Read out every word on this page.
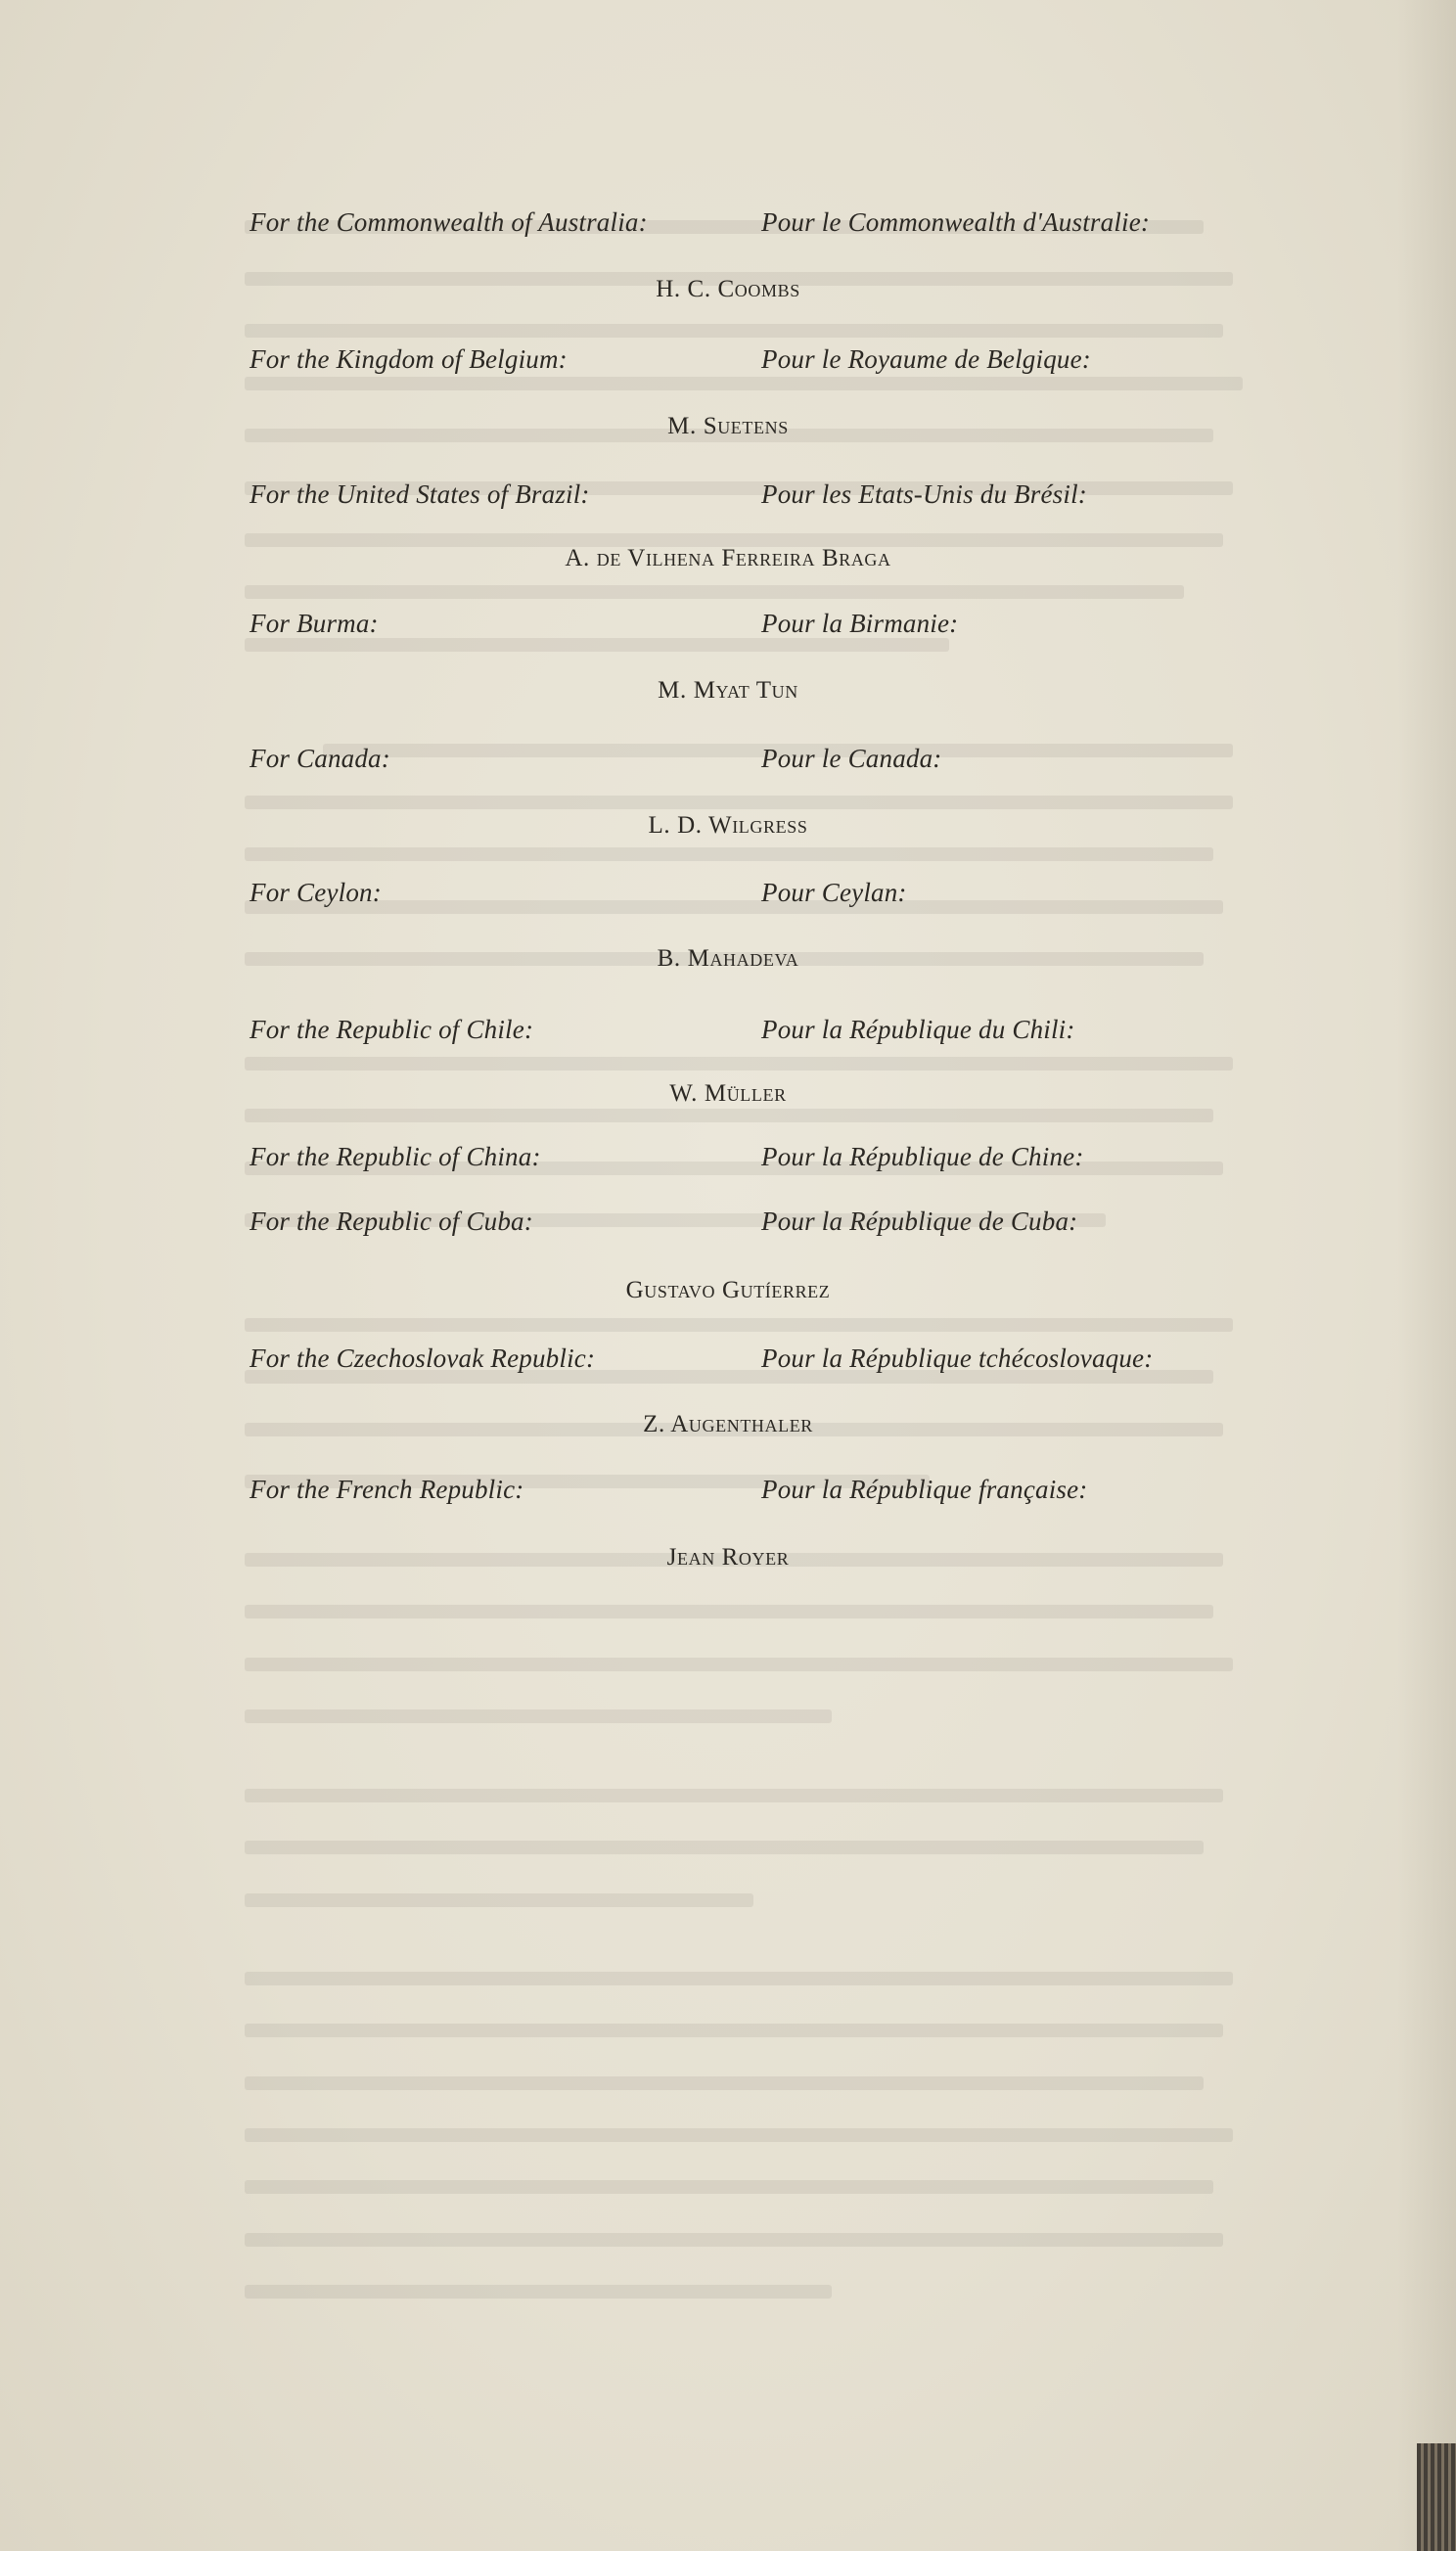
For the Commonwealth of Australia:	Pour le Commonwealth d'Australie:
H. C. Coombs
For the Kingdom of Belgium:	Pour le Royaume de Belgique:
M. Suetens
For the United States of Brazil:	Pour les Etats-Unis du Brésil:
A. de Vilhena Ferreira Braga
For Burma:	Pour la Birmanie:
M. Myat Tun
For Canada:	Pour le Canada:
L. D. Wilgress
For Ceylon:	Pour Ceylan:
B. Mahadeva
For the Republic of Chile:	Pour la République du Chili:
W. Müller
For the Republic of China:	Pour la République de Chine:
For the Republic of Cuba:	Pour la République de Cuba:
Gustavo Gutíerrez
For the Czechoslovak Republic:	Pour la République tchécoslovaque:
Z. Augenthaler
For the French Republic:	Pour la République française:
Jean Royer
